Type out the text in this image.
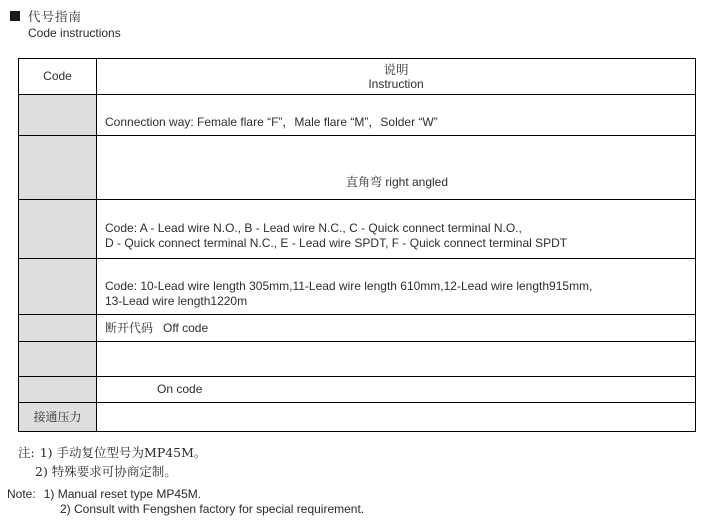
代号指南
Code instructions
Code	说明
Instruction

	Connection way: Female flare “F”，Male flare “M”，Solder “W”
	直角弯 right angled

	Code: A - Lead wire N.O., B - Lead wire N.C., C - Quick connect terminal N.O.,
D - Quick connect terminal N.C., E - Lead wire SPDT, F - Quick connect terminal SPDT

	Code: 10-Lead wire length 305mm,11-Lead wire length 610mm,12-Lead wire length915mm,
13-Lead wire length1220m

	断开代码 Off code

	On code
接通压力	
注: 1) 手动复位型号为MP45M。
2) 特殊要求可协商定制。
Note: 1) Manual reset type MP45M.
2) Consult with Fengshen factory for special requirement.
